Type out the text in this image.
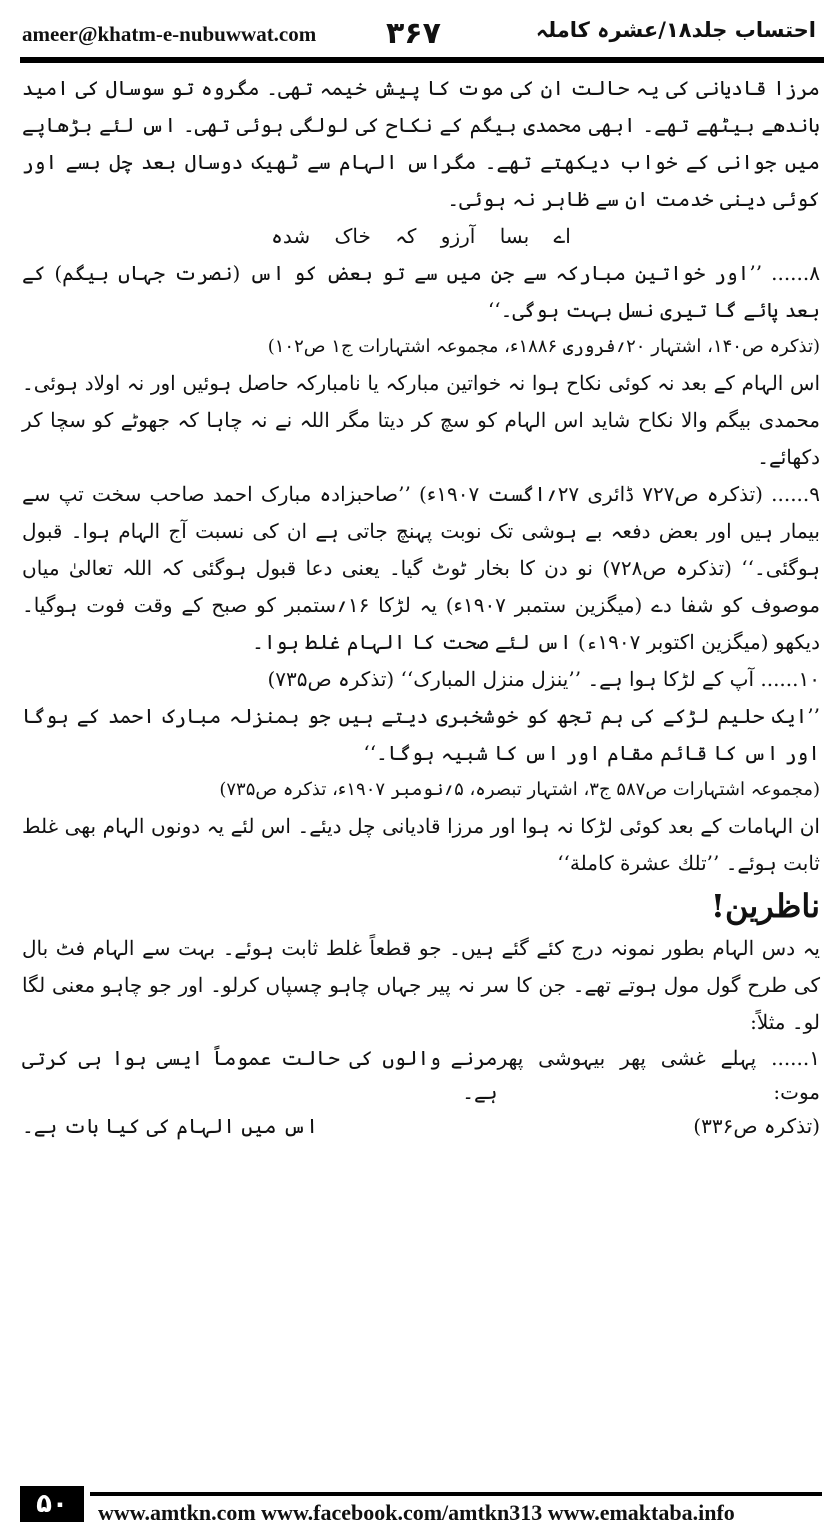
ameer@khatm-e-nubuwwat.com ۳۶۷	احتساب جلد۱۸/عشرہ کاملہ

مرزا قادیانی کی یہ حالت ان کی موت کا پیش خیمہ تھی۔ مگروہ تو سوسال کی امید باندھے بیٹھے تھے۔ ابھی محمدی بیگم کے نکاح کی لولگی ہوئی تھی۔ اس لئے بڑھاپے میں جوانی کے خواب دیکھتے تھے۔ مگراس الہام سے ٹھیک دوسال بعد چل بسے اور کوئی دینی خدمت ان سے ظاہر نہ ہوئی۔

اے بسا آرزو کہ خاک شدہ

۸...... ’’اور خواتین مبارکہ سے جن میں سے تو بعض کو اس (نصرت جہاں بیگم) کے بعد پائے گا تیری نسل بہت ہوگی۔‘‘

(تذکرہ ص۱۴۰، اشتہار ۲۰؍فروری ۱۸۸۶ء، مجموعہ اشتہارات ج۱ ص۱۰۲)

اس الہام کے بعد نہ کوئی نکاح ہوا نہ خواتین مبارکہ یا نامبارکہ حاصل ہوئیں اور نہ اولاد ہوئی۔ محمدی بیگم والا نکاح شاید اس الہام کو سچ کر دیتا مگر اللہ نے نہ چاہا کہ جھوٹے کو سچا کر دکھائے۔

۹...... (تذکرہ ص۷۲۷ ڈائری ۲۷؍اگست ۱۹۰۷ء) ’’صاحبزادہ مبارک احمد صاحب سخت تپ سے بیمار ہیں اور بعض دفعہ بے ہوشی تک نوبت پہنچ جاتی ہے ان کی نسبت آج الہام ہوا۔ قبول ہوگئی۔‘‘ (تذکرہ ص۷۲۸) نو دن کا بخار ٹوٹ گیا۔ یعنی دعا قبول ہوگئی کہ اللہ تعالیٰ میاں موصوف کو شفا دے (میگزین ستمبر ۱۹۰۷ء) یہ لڑکا ۱۶؍ستمبر کو صبح کے وقت فوت ہوگیا۔ دیکھو (میگزین اکتوبر ۱۹۰۷ء) اس لئے صحت کا الہام غلط ہوا۔

۱۰...... آپ کے لڑکا ہوا ہے۔ ’’ینزل منزل المبارک‘‘ (تذکرہ ص۷۳۵)

’’ایک حلیم لڑکے کی ہم تجھ کو خوشخبری دیتے ہیں جو بمنزلہ مبارک احمد کے ہوگا اور اس کا قائم مقام اور اس کا شبیہ ہوگا۔‘‘

(مجموعہ اشتہارات ص۵۸۷ ج۳، اشتہار تبصرہ، ۵؍نومبر ۱۹۰۷ء، تذکرہ ص۷۳۵)

ان الہامات کے بعد کوئی لڑکا نہ ہوا اور مرزا قادیانی چل دیئے۔ اس لئے یہ دونوں الہام بھی غلط ثابت ہوئے۔ ’’تلك عشرة كاملة‘‘

ناظرین!

یہ دس الہام بطور نمونہ درج کئے گئے ہیں۔ جو قطعاً غلط ثابت ہوئے۔ بہت سے الہام فٹ بال کی طرح گول مول ہوتے تھے۔ جن کا سر نہ پیر جہاں چاہو چسپاں کرلو۔ اور جو چاہو معنی لگا لو۔ مثلاً:

۱...... پہلے غشی پھر بیہوشی پھر موت:
مرنے والوں کی حالت عموماً ایسی ہوا ہی کرتی ہے۔
(تذکرہ ص۳۳۶)
اس میں الہام کی کیا بات ہے۔
۵۰	www.amtkn.com www.facebook.com/amtkn313 www.emaktaba.info
